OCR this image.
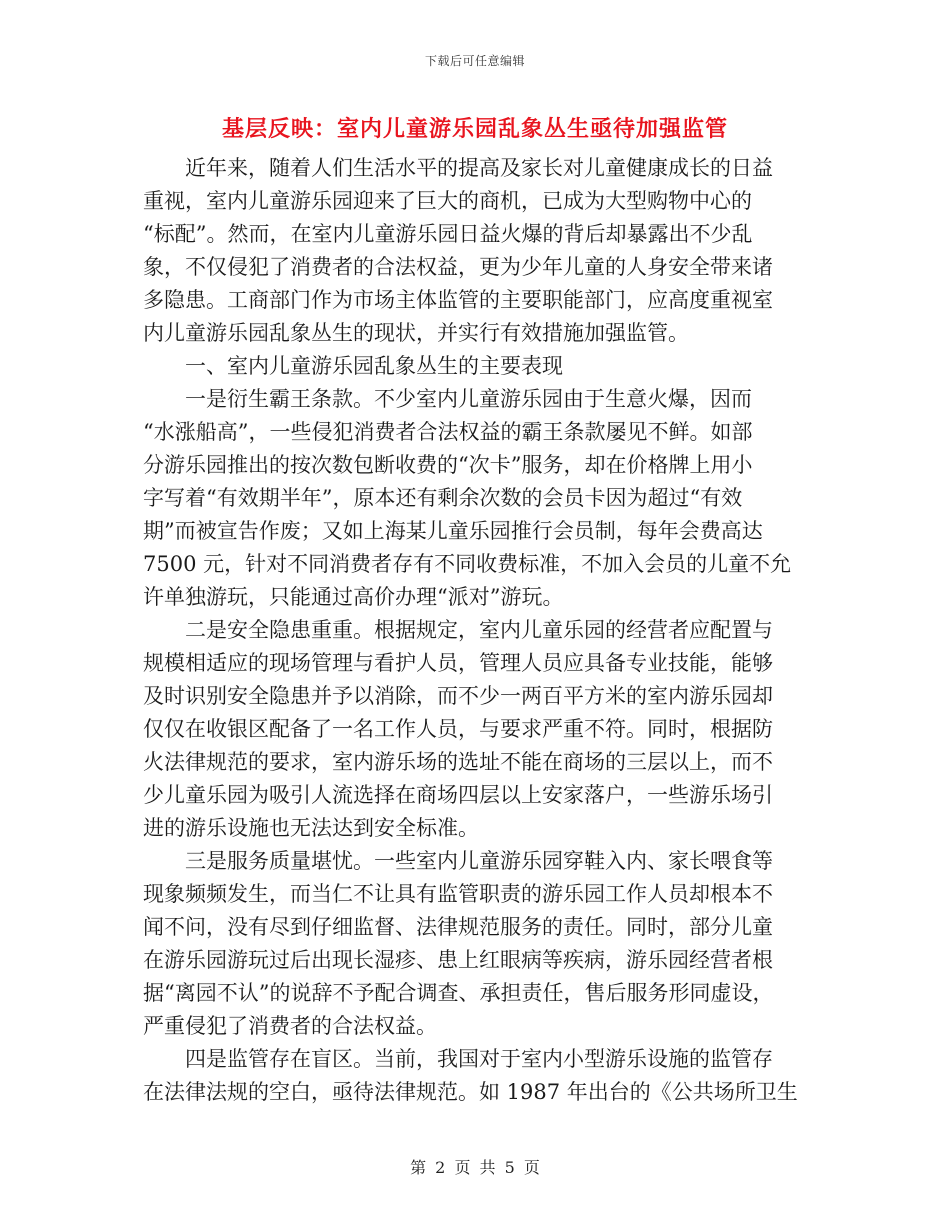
下载后可任意编辑
基层反映：室内儿童游乐园乱象丛生亟待加强监管
近年来，随着人们生活水平的提高及家长对儿童健康成长的日益
重视，室内儿童游乐园迎来了巨大的商机，已成为大型购物中心的
“标配”。然而，在室内儿童游乐园日益火爆的背后却暴露出不少乱
象，不仅侵犯了消费者的合法权益，更为少年儿童的人身安全带来诸
多隐患。工商部门作为市场主体监管的主要职能部门，应高度重视室
内儿童游乐园乱象丛生的现状，并实行有效措施加强监管。
一、室内儿童游乐园乱象丛生的主要表现
一是衍生霸王条款。不少室内儿童游乐园由于生意火爆，因而
“水涨船高”，一些侵犯消费者合法权益的霸王条款屡见不鲜。如部
分游乐园推出的按次数包断收费的“次卡”服务，却在价格牌上用小
字写着“有效期半年”，原本还有剩余次数的会员卡因为超过“有效
期”而被宣告作废；又如上海某儿童乐园推行会员制，每年会费高达
7500 元，针对不同消费者存有不同收费标准，不加入会员的儿童不允
许单独游玩，只能通过高价办理“派对”游玩。
二是安全隐患重重。根据规定，室内儿童乐园的经营者应配置与
规模相适应的现场管理与看护人员，管理人员应具备专业技能，能够
及时识别安全隐患并予以消除，而不少一两百平方米的室内游乐园却
仅仅在收银区配备了一名工作人员，与要求严重不符。同时，根据防
火法律规范的要求，室内游乐场的选址不能在商场的三层以上，而不
少儿童乐园为吸引人流选择在商场四层以上安家落户，一些游乐场引
进的游乐设施也无法达到安全标准。
三是服务质量堪忧。一些室内儿童游乐园穿鞋入内、家长喂食等
现象频频发生，而当仁不让具有监管职责的游乐园工作人员却根本不
闻不问，没有尽到仔细监督、法律规范服务的责任。同时，部分儿童
在游乐园游玩过后出现长湿疹、患上红眼病等疾病，游乐园经营者根
据“离园不认”的说辞不予配合调查、承担责任，售后服务形同虚设，
严重侵犯了消费者的合法权益。
四是监管存在盲区。当前，我国对于室内小型游乐设施的监管存
在法律法规的空白，亟待法律规范。如 1987 年出台的《公共场所卫生
第 2 页 共 5 页
